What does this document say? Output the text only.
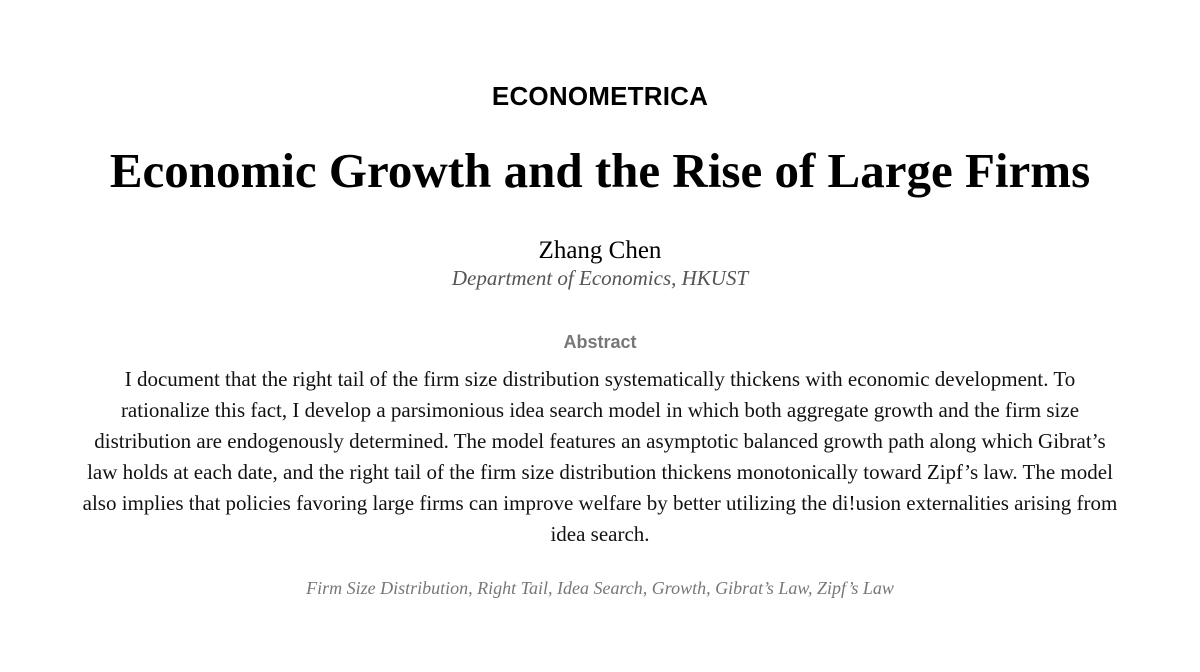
ECONOMETRICA
Economic Growth and the Rise of Large Firms
Zhang Chen
Department of Economics, HKUST
Abstract
I document that the right tail of the firm size distribution systematically thickens with economic development. To rationalize this fact, I develop a parsimonious idea search model in which both aggregate growth and the firm size distribution are endogenously determined. The model features an asymptotic balanced growth path along which Gibrat’s law holds at each date, and the right tail of the firm size distribution thickens monotonically toward Zipf’s law. The model also implies that policies favoring large firms can improve welfare by better utilizing the di!usion externalities arising from idea search.
Firm Size Distribution, Right Tail, Idea Search, Growth, Gibrat’s Law, Zipf’s Law
